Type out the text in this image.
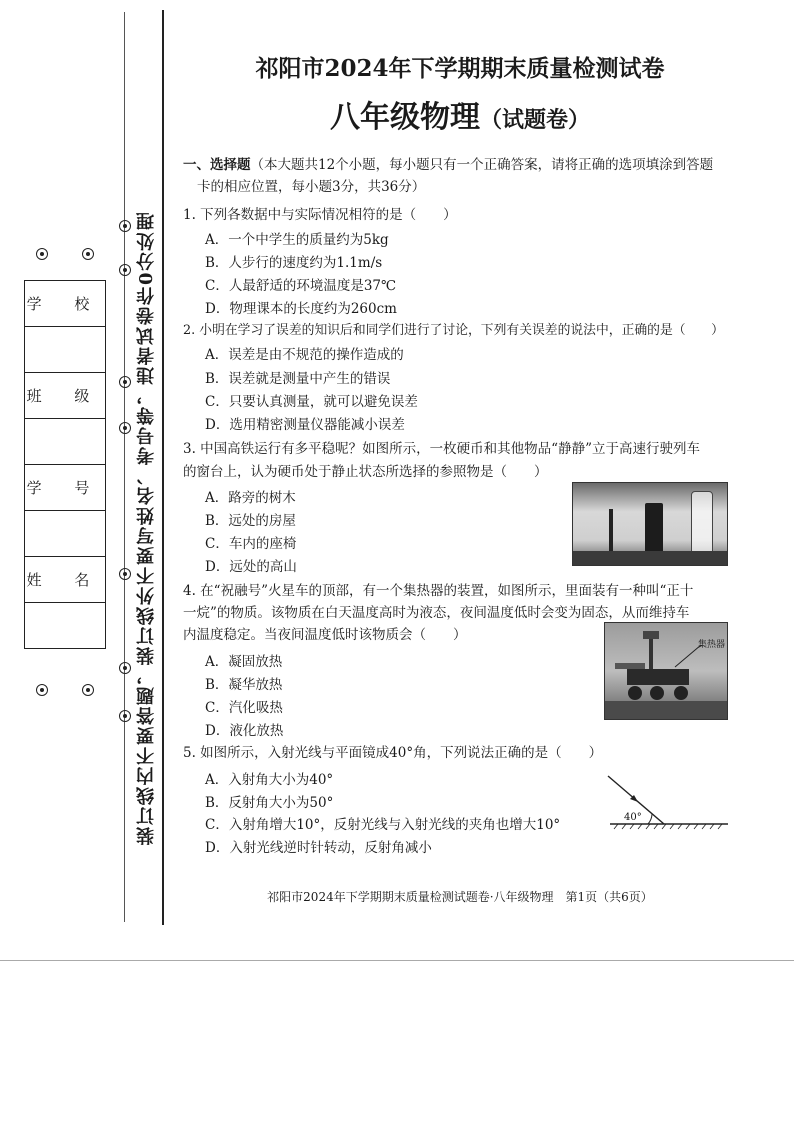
学 校

班 级

学 号

姓 名 装订线内不要答题，装订线外不要写姓名、考号等，违者试卷作0分处理
祁阳市2024年下学期期末质量检测试卷
八年级物理（试题卷）
一、选择题（本大题共12个小题，每小题只有一个正确答案，请将正确的选项填涂到答题
卡的相应位置，每小题3分，共36分）
1. 下列各数据中与实际情况相符的是（　　）
A．一个中学生的质量约为5kg
B．人步行的速度约为1.1m/s
C．人最舒适的环境温度是37℃
D．物理课本的长度约为260cm
2. 小明在学习了误差的知识后和同学们进行了讨论，下列有关误差的说法中，正确的是（　　）
A．误差是由不规范的操作造成的
B．误差就是测量中产生的错误
C．只要认真测量，就可以避免误差
D．选用精密测量仪器能减小误差
3. 中国高铁运行有多平稳呢？如图所示，一枚硬币和其他物品“静静”立于高速行驶列车
的窗台上，认为硬币处于静止状态所选择的参照物是（　　）
A．路旁的树木
B．远处的房屋
C．车内的座椅
D．远处的高山
4. 在“祝融号”火星车的顶部，有一个集热器的装置，如图所示，里面装有一种叫“正十
一烷”的物质。该物质在白天温度高时为液态，夜间温度低时会变为固态，从而维持车
内温度稳定。当夜间温度低时该物质会（　　）
A．凝固放热
B．凝华放热
C．汽化吸热
D．液化放热
集热器
5. 如图所示，入射光线与平面镜成40°角，下列说法正确的是（　　）
A．入射角大小为40°
B．反射角大小为50°
C．入射角增大10°，反射光线与入射光线的夹角也增大10°
D．入射光线逆时针转动，反射角减小
40°
祁阳市2024年下学期期末质量检测试题卷·八年级物理　第1页（共6页）
